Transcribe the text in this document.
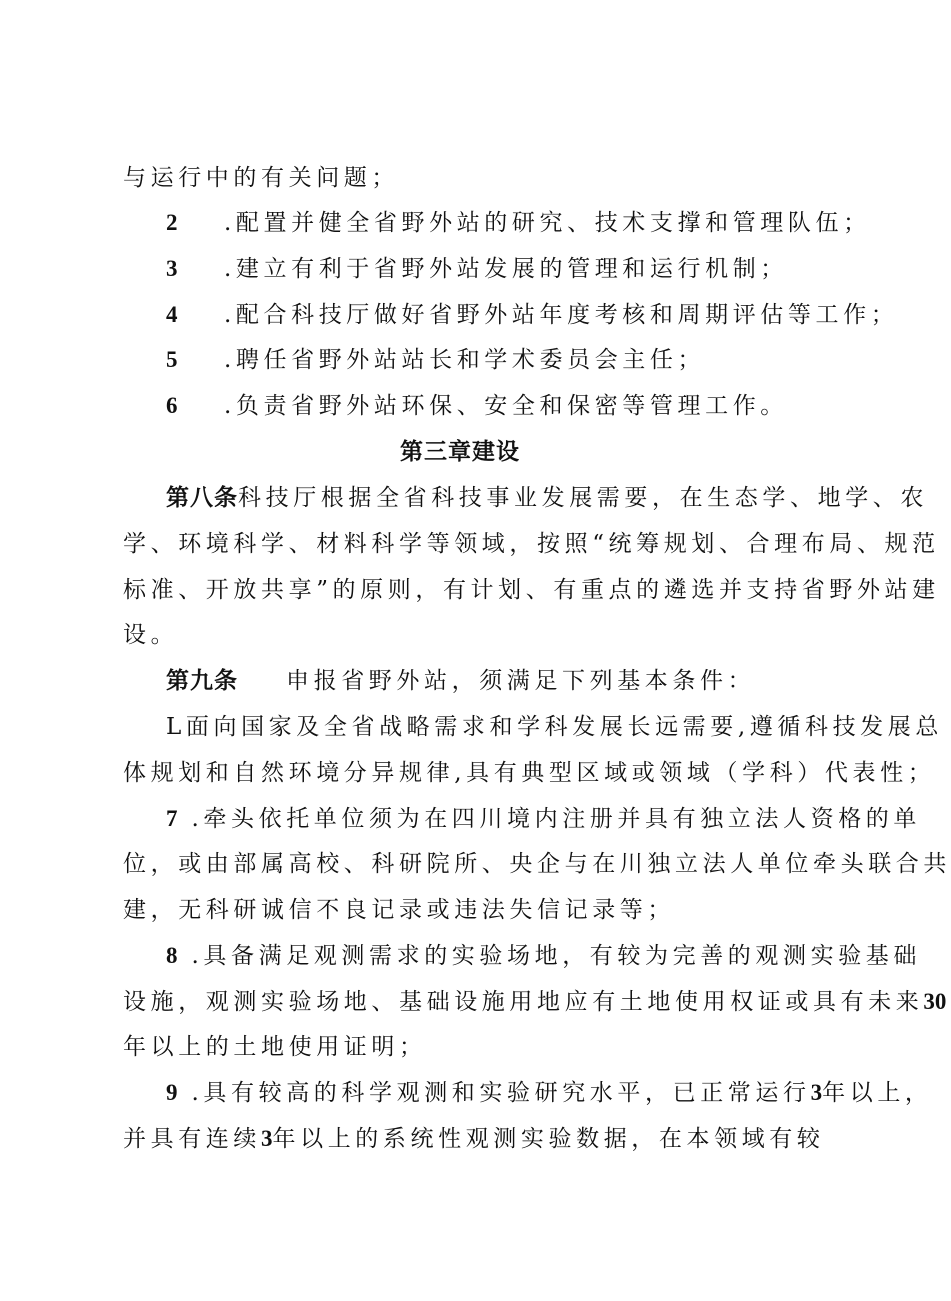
与运行中的有关问题；
2 .配置并健全省野外站的研究、技术支撑和管理队伍；
3 .建立有利于省野外站发展的管理和运行机制；
4 .配合科技厅做好省野外站年度考核和周期评估等工作；
5 .聘任省野外站站长和学术委员会主任；
6 .负责省野外站环保、安全和保密等管理工作。
第三章建设
第八条科技厅根据全省科技事业发展需要，在生态学、地学、农
学、环境科学、材料科学等领域，按照“统筹规划、合理布局、规范
标准、开放共享”的原则，有计划、有重点的遴选并支持省野外站建
设。
第九条 申报省野外站，须满足下列基本条件：
L面向国家及全省战略需求和学科发展长远需要,遵循科技发展总
体规划和自然环境分异规律,具有典型区域或领域（学科）代表性；
7 .牵头依托单位须为在四川境内注册并具有独立法人资格的单
位，或由部属高校、科研院所、央企与在川独立法人单位牵头联合共
建，无科研诚信不良记录或违法失信记录等；
8 .具备满足观测需求的实验场地，有较为完善的观测实验基础
设施，观测实验场地、基础设施用地应有土地使用权证或具有未来30
年以上的土地使用证明；
9 .具有较高的科学观测和实验研究水平，已正常运行3年以上，
并具有连续3年以上的系统性观测实验数据，在本领域有较
